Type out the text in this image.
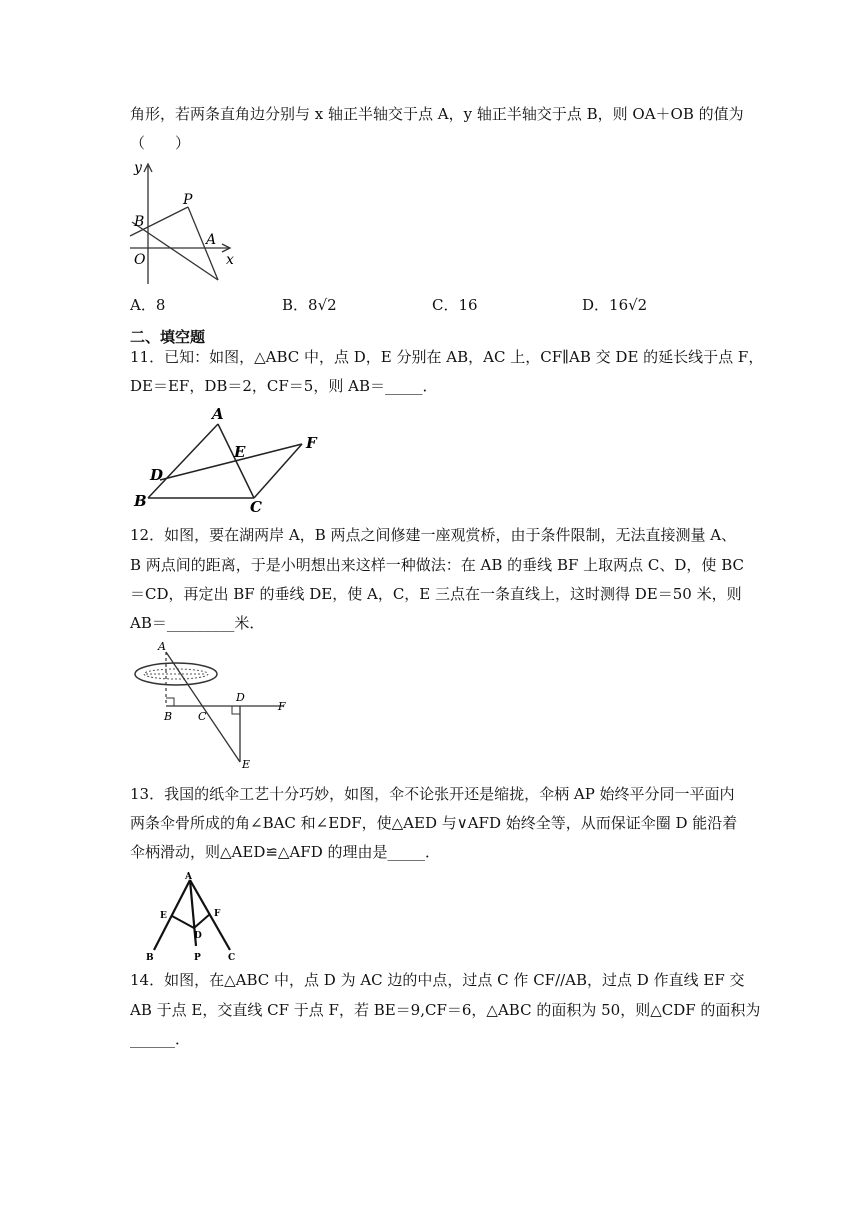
角形，若两条直角边分别与 x 轴正半轴交于点 A，y 轴正半轴交于点 B，则 OA＋OB 的值为
（　　）
y
x
O
B
P
A
A．8	B．8√2	C．16	D．16√2
二、填空题
11．已知：如图，△ABC 中，点 D，E 分别在 AB，AC 上，CF∥AB 交 DE 的延长线于点 F，
DE＝EF，DB＝2，CF＝5，则 AB＝_____．
A
E	F
D
B	C
12．如图，要在湖两岸 A，B 两点之间修建一座观赏桥，由于条件限制，无法直接测量 A、
B 两点间的距离，于是小明想出来这样一种做法：在 AB 的垂线 BF 上取两点 C、D，使 BC
＝CD，再定出 BF 的垂线 DE，使 A，C，E 三点在一条直线上，这时测得 DE＝50 米，则
AB＝_________米．
A
B C
D
F
E
13．我国的纸伞工艺十分巧妙，如图，伞不论张开还是缩拢，伞柄 AP 始终平分同一平面内
两条伞骨所成的角∠BAC 和∠EDF，使△AED 与∨AFD 始终全等，从而保证伞圈 D 能沿着
伞柄滑动，则△AED≌△AFD 的理由是_____．
A
E	F
D
B	P	C
14．如图，在△ABC 中，点 D 为 AC 边的中点，过点 C 作 CF//AB，过点 D 作直线 EF 交
AB 于点 E，交直线 CF 于点 F，若 BE＝9,CF＝6，△ABC 的面积为 50，则△CDF 的面积为
______．
